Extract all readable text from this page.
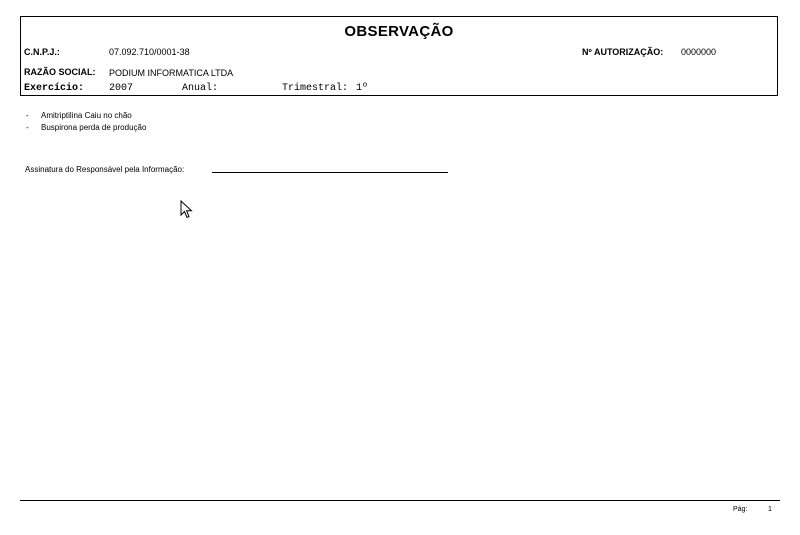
OBSERVAÇÃO
C.N.P.J.:	07.092.710/0001-38	Nº AUTORIZAÇÃO: 0000000
RAZÃO SOCIAL: PODIUM INFORMATICA LTDA
Exercício: 2007	Anual:	Trimestral: 1º
- Amitriptilina Caiu no chão
- Buspirona perda de produção
Assinatura do Responsável pela Informação:
Pág:	1
